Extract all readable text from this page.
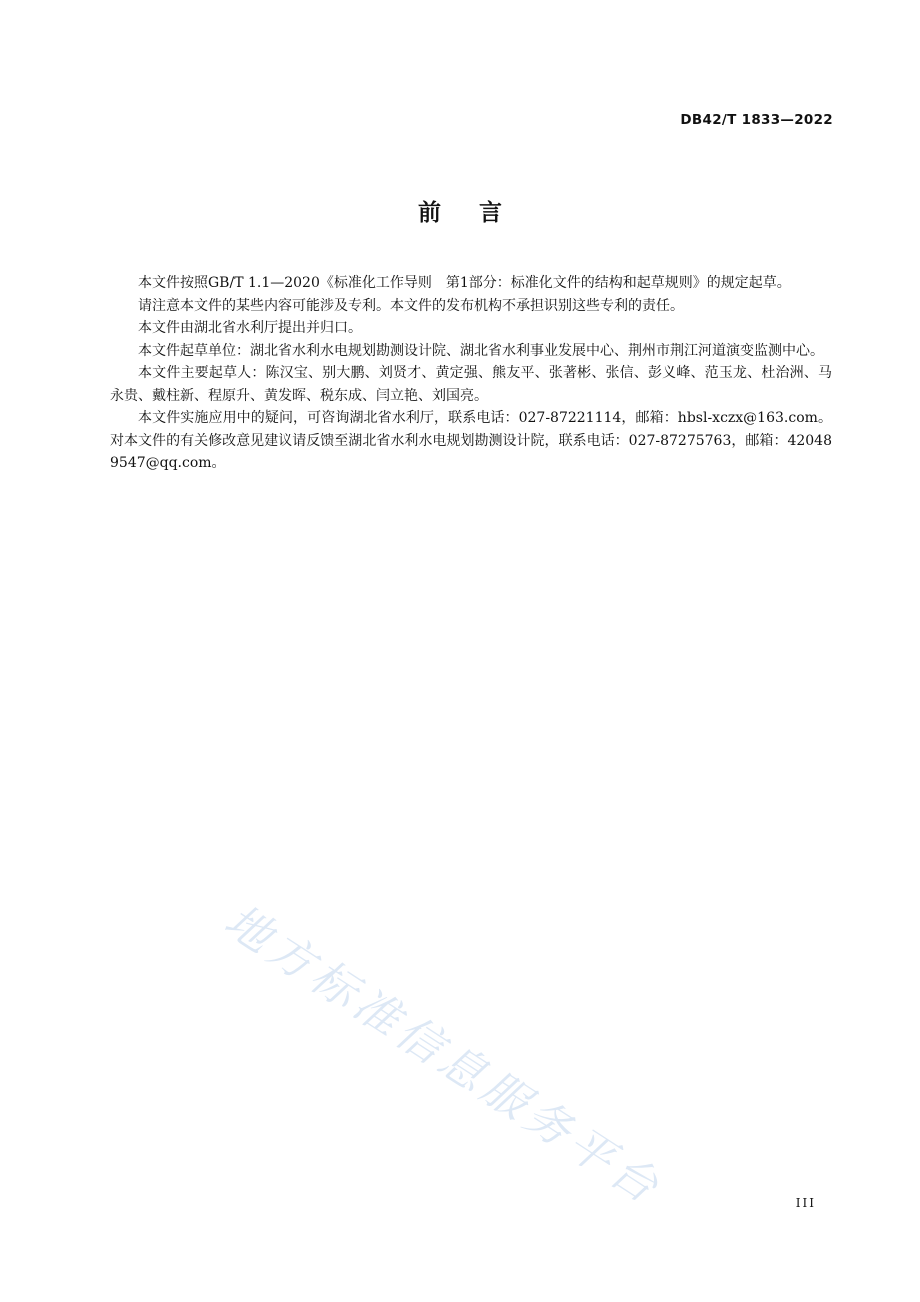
DB42/T 1833—2022
前言

本文件按照GB/T 1.1—2020《标准化工作导则　第1部分：标准化文件的结构和起草规则》的规定起草。

请注意本文件的某些内容可能涉及专利。本文件的发布机构不承担识别这些专利的责任。

本文件由湖北省水利厅提出并归口。

本文件起草单位：湖北省水利水电规划勘测设计院、湖北省水利事业发展中心、荆州市荆江河道演变监测中心。

本文件主要起草人：陈汉宝、别大鹏、刘贤才、黄定强、熊友平、张著彬、张信、彭义峰、范玉龙、杜治洲、马永贵、戴柱新、程原升、黄发晖、税东成、闫立艳、刘国亮。

本文件实施应用中的疑问，可咨询湖北省水利厅，联系电话：027-87221114，邮箱：hbsl-xczx@163.com。对本文件的有关修改意见建议请反馈至湖北省水利水电规划勘测设计院，联系电话：027-87275763，邮箱：420489547@qq.com。

地方标准信息服务平台	III
